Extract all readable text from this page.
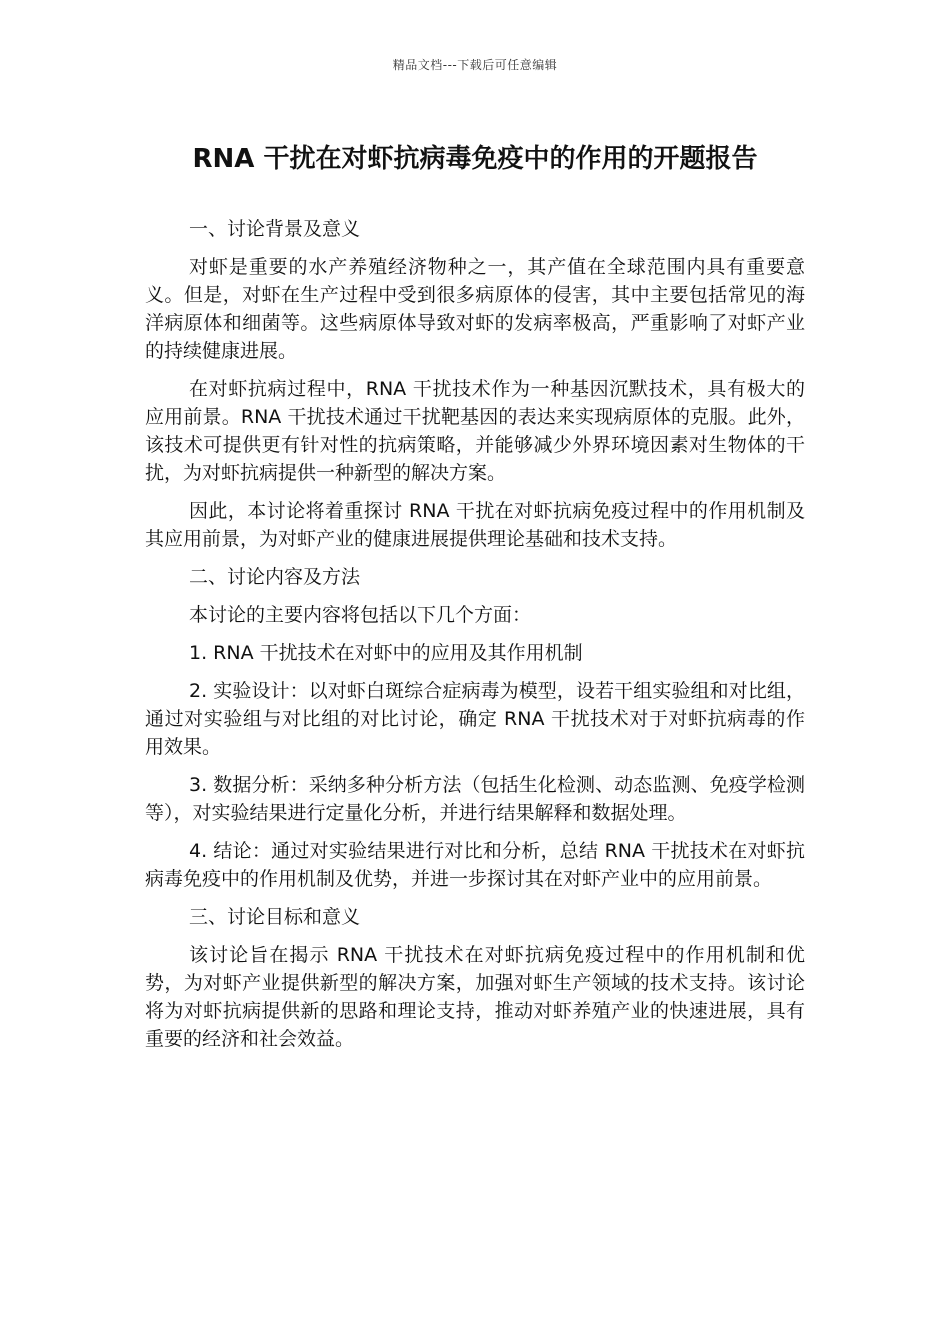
精品文档---下载后可任意编辑
RNA 干扰在对虾抗病毒免疫中的作用的开题报告

一、讨论背景及意义

对虾是重要的水产养殖经济物种之一，其产值在全球范围内具有重要意义。但是，对虾在生产过程中受到很多病原体的侵害，其中主要包括常见的海洋病原体和细菌等。这些病原体导致对虾的发病率极高，严重影响了对虾产业的持续健康进展。

在对虾抗病过程中，RNA 干扰技术作为一种基因沉默技术，具有极大的应用前景。RNA 干扰技术通过干扰靶基因的表达来实现病原体的克服。此外，该技术可提供更有针对性的抗病策略，并能够减少外界环境因素对生物体的干扰，为对虾抗病提供一种新型的解决方案。

因此，本讨论将着重探讨 RNA 干扰在对虾抗病免疫过程中的作用机制及其应用前景，为对虾产业的健康进展提供理论基础和技术支持。

二、讨论内容及方法

本讨论的主要内容将包括以下几个方面：

1. RNA 干扰技术在对虾中的应用及其作用机制

2. 实验设计：以对虾白斑综合症病毒为模型，设若干组实验组和对比组，通过对实验组与对比组的对比讨论，确定 RNA 干扰技术对于对虾抗病毒的作用效果。

3. 数据分析：采纳多种分析方法（包括生化检测、动态监测、免疫学检测等），对实验结果进行定量化分析，并进行结果解释和数据处理。

4. 结论：通过对实验结果进行对比和分析，总结 RNA 干扰技术在对虾抗病毒免疫中的作用机制及优势，并进一步探讨其在对虾产业中的应用前景。

三、讨论目标和意义

该讨论旨在揭示 RNA 干扰技术在对虾抗病免疫过程中的作用机制和优势，为对虾产业提供新型的解决方案，加强对虾生产领域的技术支持。该讨论将为对虾抗病提供新的思路和理论支持，推动对虾养殖产业的快速进展，具有重要的经济和社会效益。
